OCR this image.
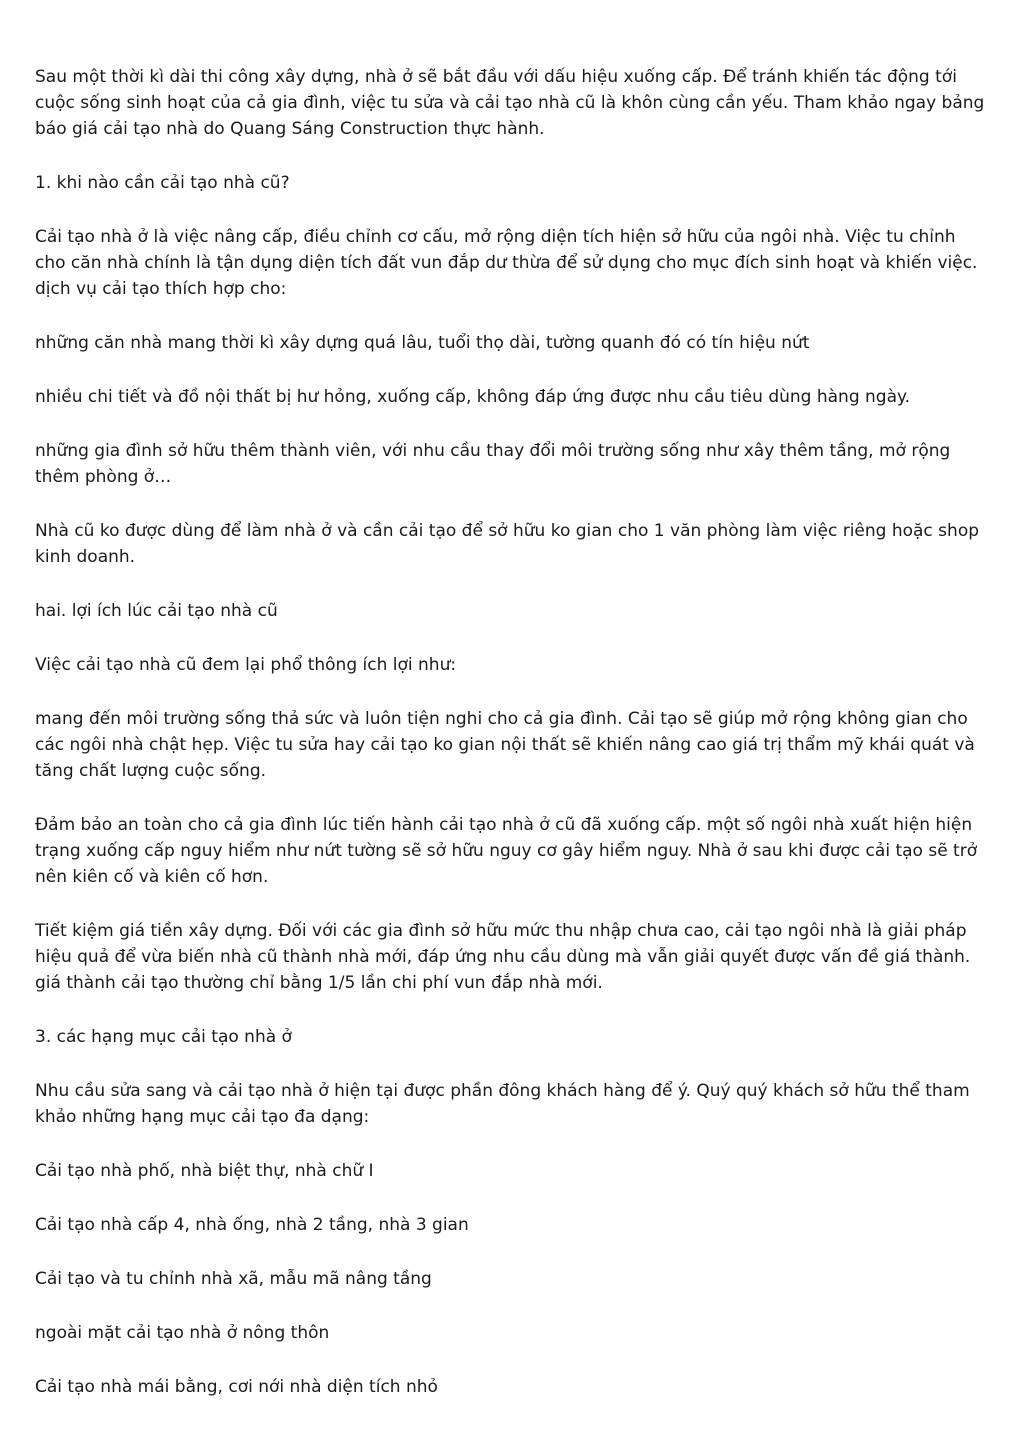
Sau một thời kì dài thi công xây dựng, nhà ở sẽ bắt đầu với dấu hiệu xuống cấp. Để tránh khiến tác động tới cuộc sống sinh hoạt của cả gia đình, việc tu sửa và cải tạo nhà cũ là khôn cùng cần yếu. Tham khảo ngay bảng báo giá cải tạo nhà do Quang Sáng Construction thực hành.

1. khi nào cần cải tạo nhà cũ?

Cải tạo nhà ở là việc nâng cấp, điều chỉnh cơ cấu, mở rộng diện tích hiện sở hữu của ngôi nhà. Việc tu chỉnh cho căn nhà chính là tận dụng diện tích đất vun đắp dư thừa để sử dụng cho mục đích sinh hoạt và khiến việc. dịch vụ cải tạo thích hợp cho:

những căn nhà mang thời kì xây dựng quá lâu, tuổi thọ dài, tường quanh đó có tín hiệu nứt

nhiều chi tiết và đồ nội thất bị hư hỏng, xuống cấp, không đáp ứng được nhu cầu tiêu dùng hàng ngày.

những gia đình sở hữu thêm thành viên, với nhu cầu thay đổi môi trường sống như xây thêm tầng, mở rộng thêm phòng ở…

Nhà cũ ko được dùng để làm nhà ở và cần cải tạo để sở hữu ko gian cho 1 văn phòng làm việc riêng hoặc shop kinh doanh.

hai. lợi ích lúc cải tạo nhà cũ

Việc cải tạo nhà cũ đem lại phổ thông ích lợi như:

mang đến môi trường sống thả sức và luôn tiện nghi cho cả gia đình. Cải tạo sẽ giúp mở rộng không gian cho các ngôi nhà chật hẹp. Việc tu sửa hay cải tạo ko gian nội thất sẽ khiến nâng cao giá trị thẩm mỹ khái quát và tăng chất lượng cuộc sống.

Đảm bảo an toàn cho cả gia đình lúc tiến hành cải tạo nhà ở cũ đã xuống cấp. một số ngôi nhà xuất hiện hiện trạng xuống cấp nguy hiểm như nứt tường sẽ sở hữu nguy cơ gây hiểm nguy. Nhà ở sau khi được cải tạo sẽ trở nên kiên cố và kiên cố hơn.

Tiết kiệm giá tiền xây dựng. Đối với các gia đình sở hữu mức thu nhập chưa cao, cải tạo ngôi nhà là giải pháp hiệu quả để vừa biến nhà cũ thành nhà mới, đáp ứng nhu cầu dùng mà vẫn giải quyết được vấn đề giá thành. giá thành cải tạo thường chỉ bằng 1/5 lần chi phí vun đắp nhà mới.

3. các hạng mục cải tạo nhà ở

Nhu cầu sửa sang và cải tạo nhà ở hiện tại được phần đông khách hàng để ý. Quý quý khách sở hữu thể tham khảo những hạng mục cải tạo đa dạng:

Cải tạo nhà phố, nhà biệt thự, nhà chữ I

Cải tạo nhà cấp 4, nhà ống, nhà 2 tầng, nhà 3 gian

Cải tạo và tu chỉnh nhà xã, mẫu mã nâng tầng

ngoài mặt cải tạo nhà ở nông thôn

Cải tạo nhà mái bằng, cơi nới nhà diện tích nhỏ
